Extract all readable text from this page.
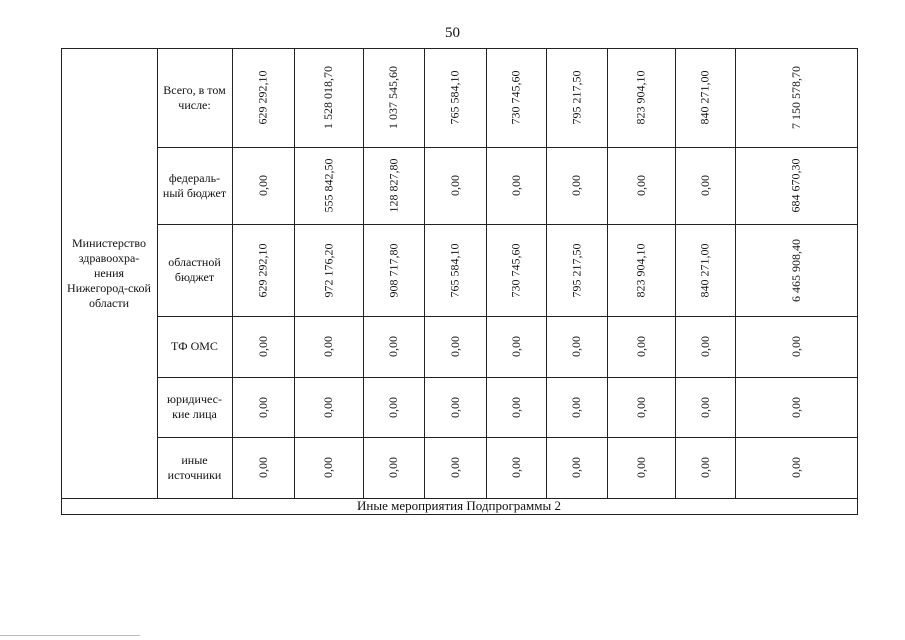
50
Министерство здравоохра-нения Нижегород-ской области
Всего, в том числе:	629 292,10	1 528 018,70	1 037 545,60	765 584,10	730 745,60	795 217,50	823 904,10	840 271,00	7 150 578,70
федераль-ный бюджет	0,00	555 842,50	128 827,80	0,00	0,00	0,00	0,00	0,00	684 670,30
областной бюджет	629 292,10	972 176,20	908 717,80	765 584,10	730 745,60	795 217,50	823 904,10	840 271,00	6 465 908,40
ТФ ОМС	0,00	0,00	0,00	0,00	0,00	0,00	0,00	0,00	0,00
юридичес-кие лица	0,00	0,00	0,00	0,00	0,00	0,00	0,00	0,00	0,00
иные источники	0,00	0,00	0,00	0,00	0,00	0,00	0,00	0,00	0,00
Иные мероприятия Подпрограммы 2
